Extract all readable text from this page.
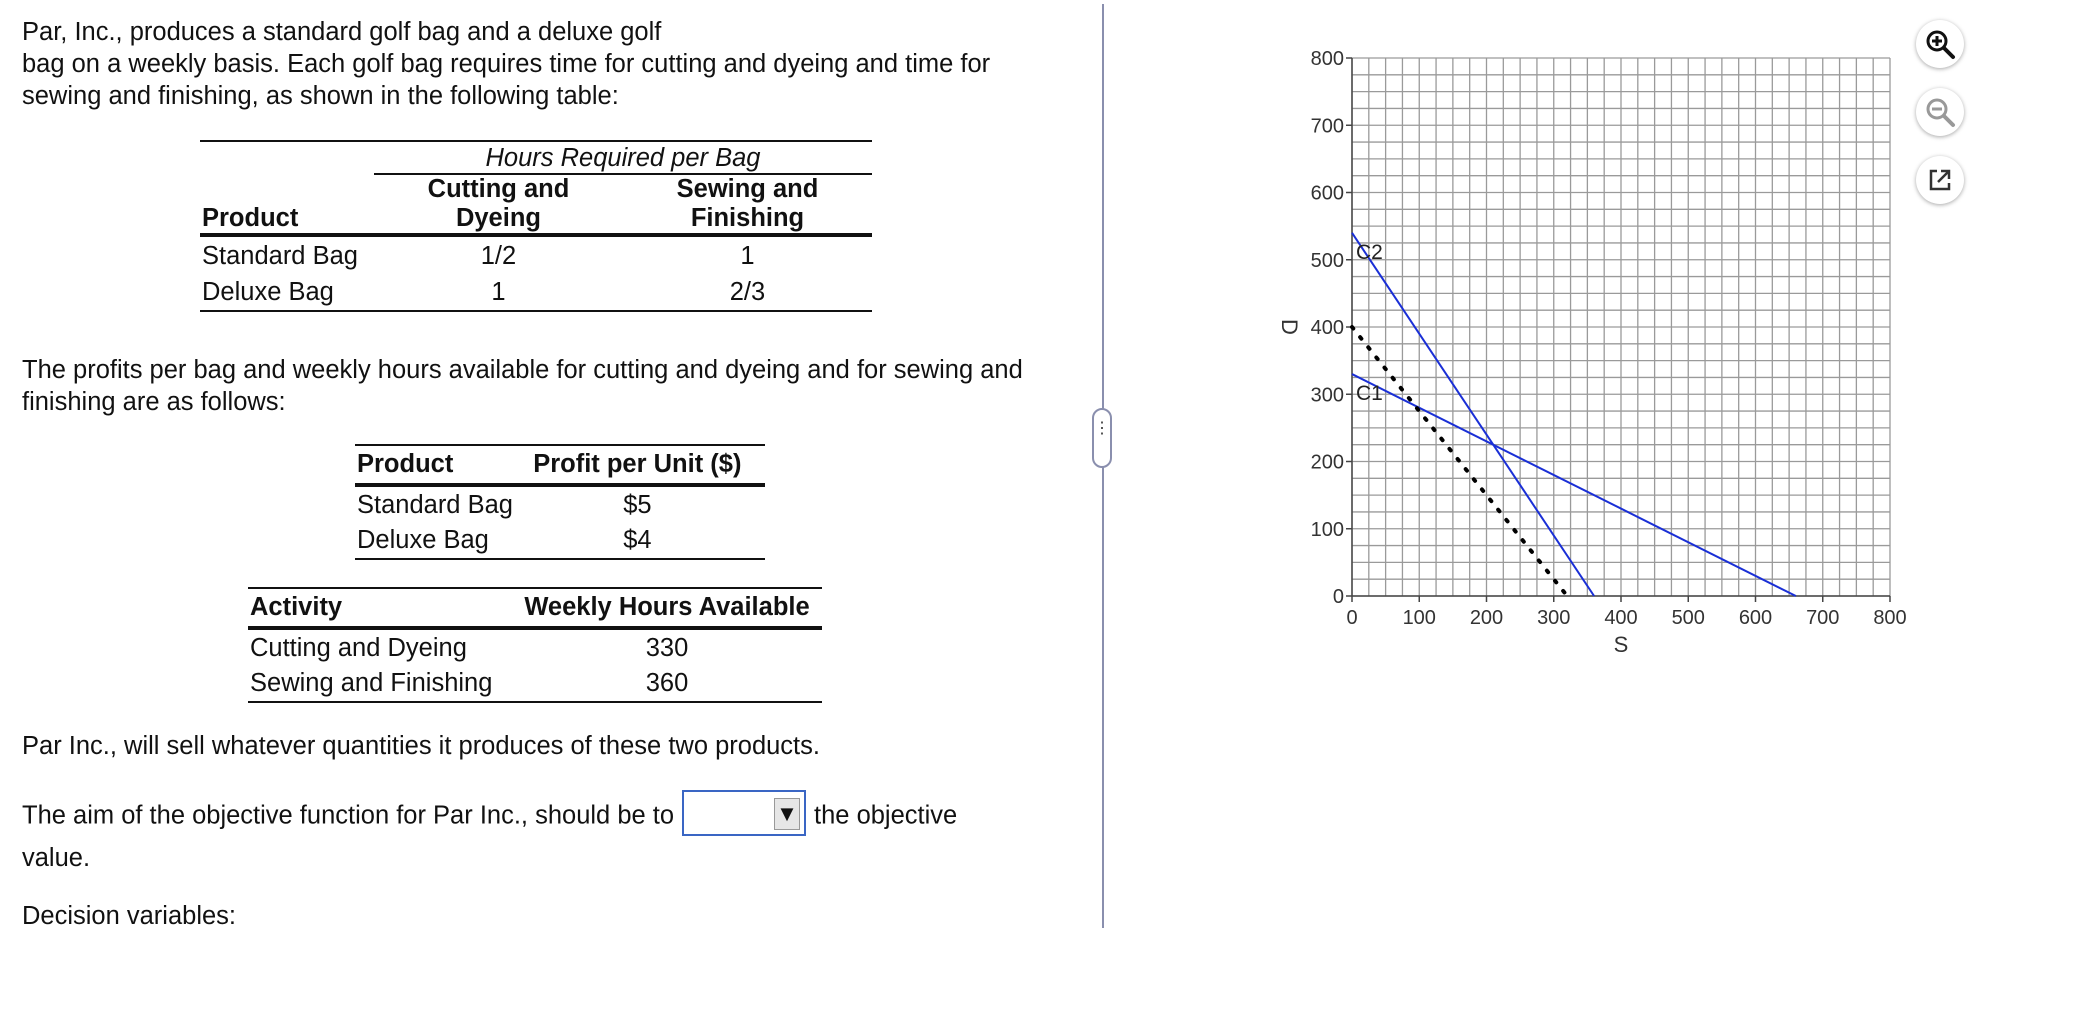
Par, Inc., produces a standard golf bag and a deluxe golf
bag on a weekly basis. Each golf bag requires time for cutting and dyeing and time for
sewing and finishing, as shown in the following table:
	Hours Required per Bag	
	Cutting and	Sewing and
Product	Dyeing	Finishing
Standard Bag	1/2	1
Deluxe Bag	1	2/3
The profits per bag and weekly hours available for cutting and dyeing and for sewing and
finishing are as follows:
Product	Profit per Unit ($)
Standard Bag	$5
Deluxe Bag	$4
Activity	Weekly Hours Available
Cutting and Dyeing	330
Sewing and Finishing	360
Par Inc., will sell whatever quantities it produces of these two products.
The aim of the objective function for Par Inc., should be to	▼ the objective
value.
Decision variables:
⋮
0 100 200 300 400 500 600 700 800
0
100
200
300
400
500
600
700
800
S
D
C1
C2
